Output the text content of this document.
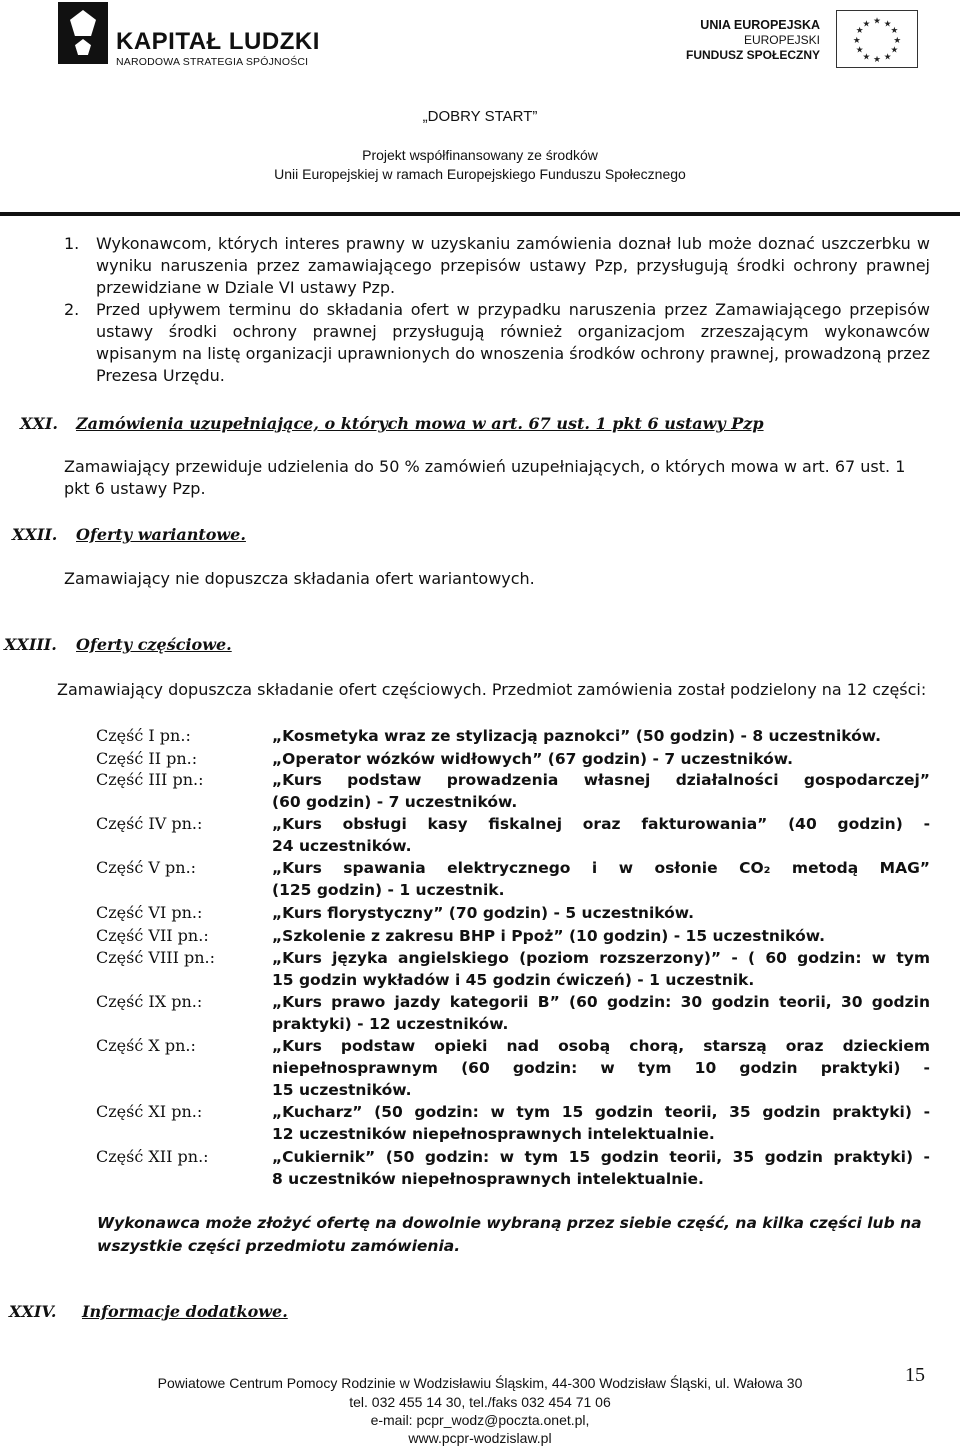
KAPITAŁ LUDZKI
NARODOWA STRATEGIA SPÓJNOŚCI
UNIA EUROPEJSKA
EUROPEJSKI
FUNDUSZ SPOŁECZNY
★ ★
★
★
★
★
★
★
★
★
★
★
„DOBRY START”
Projekt współfinansowany ze środków
Unii Europejskiej w ramach Europejskiego Funduszu Społecznego
1. Wykonawcom, których interes prawny w uzyskaniu zamówienia doznał lub może doznać uszczerbku w wyniku naruszenia przez zamawiającego przepisów ustawy Pzp, przysługują środki ochrony prawnej przewidziane w Dziale VI ustawy Pzp.
2. Przed upływem terminu do składania ofert w przypadku naruszenia przez Zamawiającego przepisów ustawy środki ochrony prawnej przysługują również organizacjom zrzeszającym wykonawców wpisanym na listę organizacji uprawnionych do wnoszenia środków ochrony prawnej, prowadzoną przez Prezesa Urzędu.
XXI. Zamówienia uzupełniające, o których mowa w art. 67 ust. 1 pkt 6 ustawy Pzp
Zamawiający przewiduje udzielenia do 50 % zamówień uzupełniających, o których mowa w art. 67 ust. 1 pkt 6 ustawy Pzp.
XXII. Oferty wariantowe.
Zamawiający nie dopuszcza składania ofert wariantowych.
XXIII. Oferty częściowe.
Zamawiający dopuszcza składanie ofert częściowych. Przedmiot zamówienia został podzielony na 12 części:
Część I pn.:	„Kosmetyka wraz ze stylizacją paznokci” (50 godzin) - 8 uczestników.
Część II pn.:	„Operator wózków widłowych” (67 godzin) - 7 uczestników.
Część III pn.:	„Kurs podstaw prowadzenia własnej działalności gospodarczej”
(60 godzin) - 7 uczestników.
Część IV pn.:	„Kurs obsługi kasy fiskalnej oraz fakturowania” (40 godzin) -
24 uczestników.
Część V pn.:	„Kurs spawania elektrycznego i w osłonie CO₂ metodą MAG”
(125 godzin) - 1 uczestnik.
Część VI pn.:	„Kurs florystyczny” (70 godzin) - 5 uczestników.
Część VII pn.:	„Szkolenie z zakresu BHP i Ppoż” (10 godzin) - 15 uczestników.
Część VIII pn.:	„Kurs języka angielskiego (poziom rozszerzony)” - ( 60 godzin: w tym
15 godzin wykładów i 45 godzin ćwiczeń) - 1 uczestnik.
Część IX pn.:	„Kurs prawo jazdy kategorii B” (60 godzin: 30 godzin teorii, 30 godzin
praktyki) - 12 uczestników.
Część X pn.:	„Kurs podstaw opieki nad osobą chorą, starszą oraz dzieckiem
niepełnosprawnym (60 godzin: w tym 10 godzin praktyki) -
15 uczestników.
Część XI pn.:	„Kucharz” (50 godzin: w tym 15 godzin teorii, 35 godzin praktyki) -
12 uczestników niepełnosprawnych intelektualnie.
Część XII pn.:	„Cukiernik” (50 godzin: w tym 15 godzin teorii, 35 godzin praktyki) -
8 uczestników niepełnosprawnych intelektualnie.
Wykonawca może złożyć ofertę na dowolnie wybraną przez siebie część, na kilka części lub na wszystkie części przedmiotu zamówienia.
XXIV. Informacje dodatkowe.
Powiatowe Centrum Pomocy Rodzinie w Wodzisławiu Śląskim, 44-300 Wodzisław Śląski, ul. Wałowa 30
tel. 032 455 14 30, tel./faks 032 454 71 06
e-mail: pcpr_wodz@poczta.onet.pl,
www.pcpr-wodzislaw.pl
15
